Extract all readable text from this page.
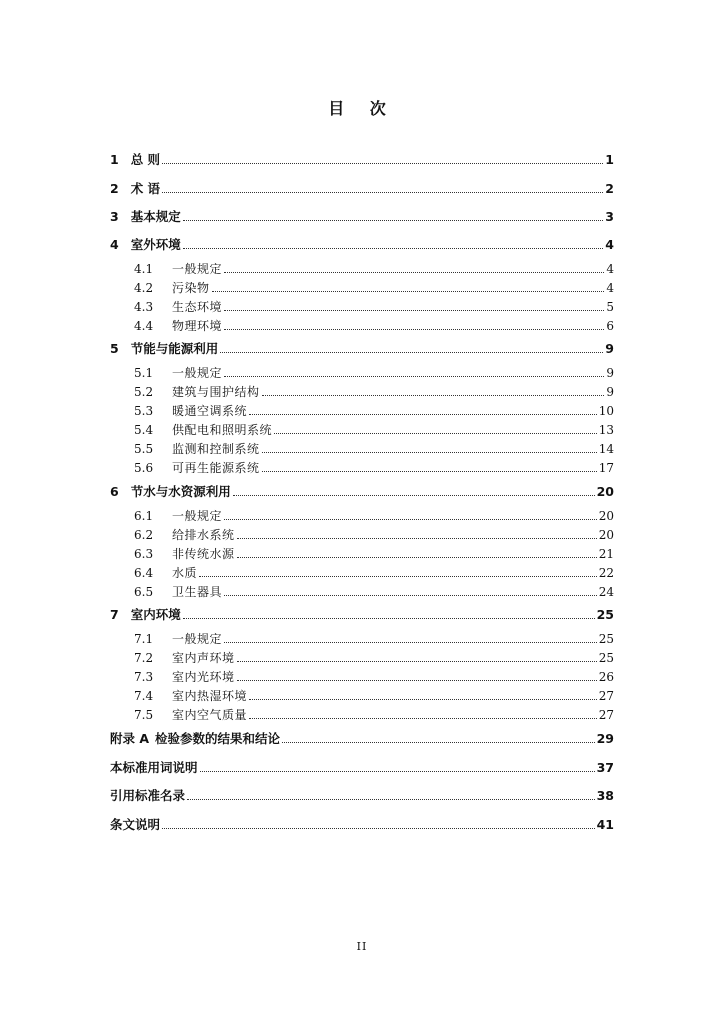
目 次
1 总 则	1
2 术 语	2
3 基本规定	3
4 室外环境	4
4.1	一般规定	4
4.2	污染物	4
4.3	生态环境	5
4.4	物理环境	6
5 节能与能源利用	9
5.1	一般规定	9
5.2	建筑与围护结构	9
5.3	暖通空调系统	10
5.4	供配电和照明系统	13
5.5	监测和控制系统	14
5.6	可再生能源系统	17
6 节水与水资源利用	20
6.1	一般规定	20
6.2	给排水系统	20
6.3	非传统水源	21
6.4	水质	22
6.5	卫生器具	24
7 室内环境	25
7.1	一般规定	25
7.2	室内声环境	25
7.3	室内光环境	26
7.4	室内热湿环境	27
7.5	室内空气质量	27
附录 A 检验参数的结果和结论	29
本标准用词说明	37
引用标准名录	38
条文说明	41
II
